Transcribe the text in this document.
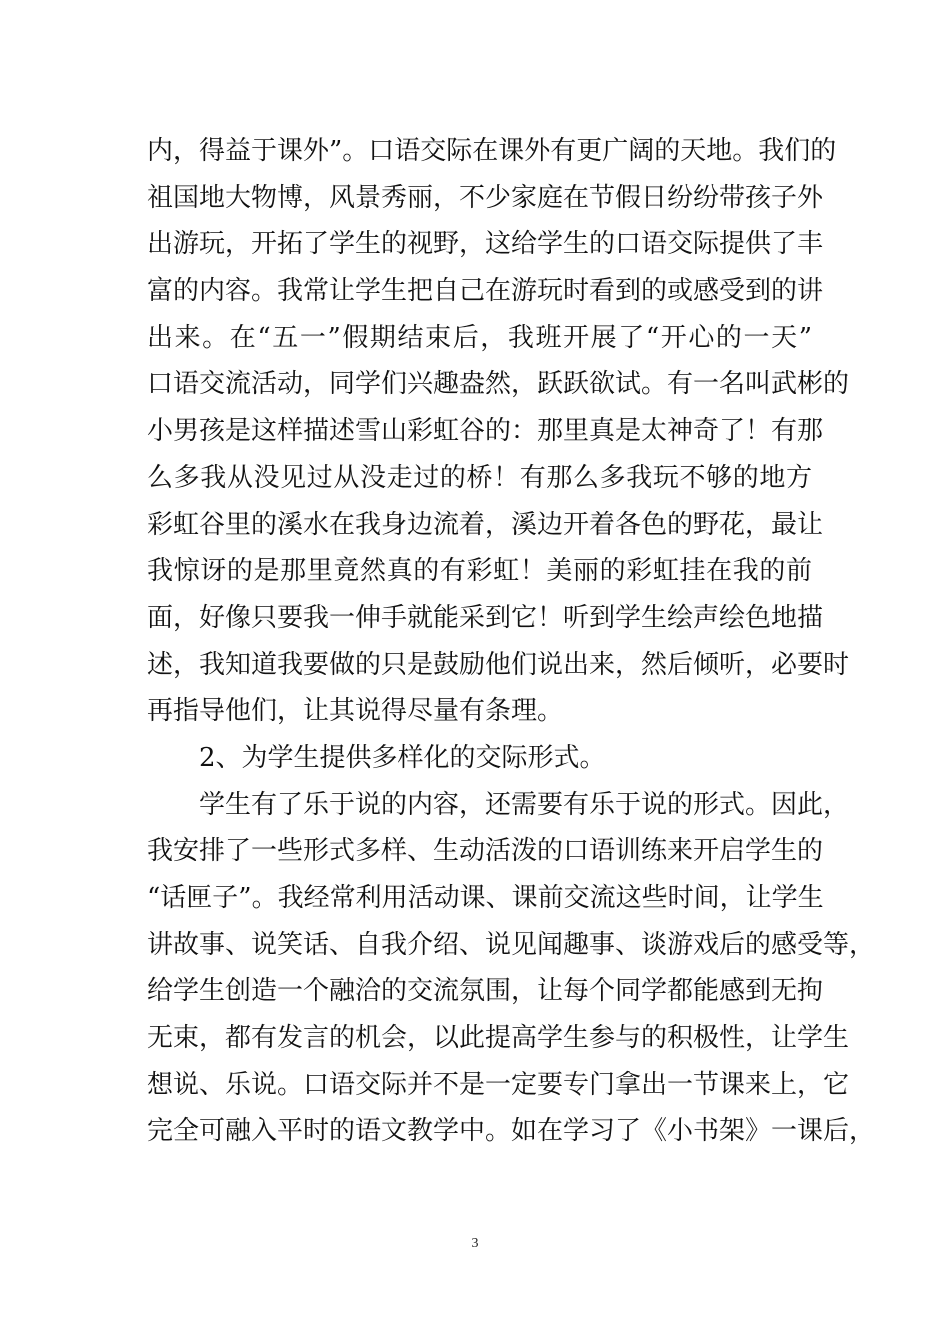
内，得益于课外”。口语交际在课外有更广阔的天地。我们的
祖国地大物博，风景秀丽，不少家庭在节假日纷纷带孩子外
出游玩，开拓了学生的视野，这给学生的口语交际提供了丰
富的内容。我常让学生把自己在游玩时看到的或感受到的讲
出来。在“五一”假期结束后，我班开展了“开心的一天”
口语交流活动，同学们兴趣盎然，跃跃欲试。有一名叫武彬的
小男孩是这样描述雪山彩虹谷的：那里真是太神奇了！有那
么多我从没见过从没走过的桥！有那么多我玩不够的地方
彩虹谷里的溪水在我身边流着，溪边开着各色的野花，最让
我惊讶的是那里竟然真的有彩虹！美丽的彩虹挂在我的前
面，好像只要我一伸手就能采到它！听到学生绘声绘色地描
述，我知道我要做的只是鼓励他们说出来，然后倾听，必要时
再指导他们，让其说得尽量有条理。
2、为学生提供多样化的交际形式。
学生有了乐于说的内容，还需要有乐于说的形式。因此，
我安排了一些形式多样、生动活泼的口语训练来开启学生的
“话匣子”。我经常利用活动课、课前交流这些时间，让学生
讲故事、说笑话、自我介绍、说见闻趣事、谈游戏后的感受等，
给学生创造一个融洽的交流氛围，让每个同学都能感到无拘
无束，都有发言的机会，以此提高学生参与的积极性，让学生
想说、乐说。口语交际并不是一定要专门拿出一节课来上，它
完全可融入平时的语文教学中。如在学习了《小书架》一课后，
3
